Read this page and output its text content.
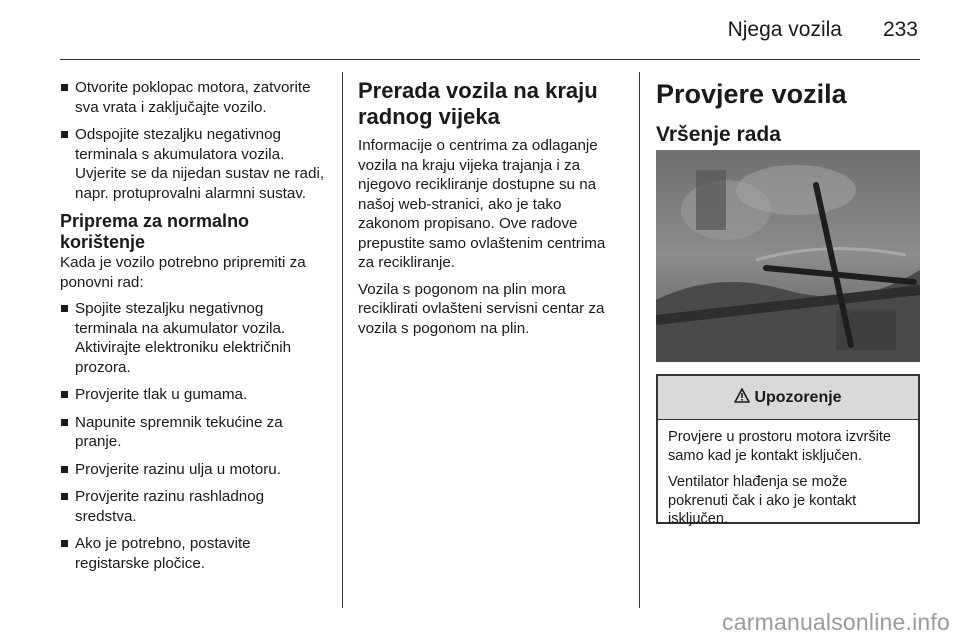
Njega vozila 233
Otvorite poklopac motora, zatvorite sva vrata i zaključajte vozilo.
Odspojite stezaljku negativnog terminala s akumulatora vozila. Uvjerite se da nijedan sustav ne radi, napr. protuprovalni alarmni sustav.
Priprema za normalno korištenje
Kada je vozilo potrebno pripremiti za ponovni rad:
Spojite stezaljku negativnog terminala na akumulator vozila. Aktivirajte elektroniku električnih prozora.
Provjerite tlak u gumama.
Napunite spremnik tekućine za pranje.
Provjerite razinu ulja u motoru.
Provjerite razinu rashladnog sredstva.
Ako je potrebno, postavite registarske pločice.
Prerada vozila na kraju radnog vijeka
Informacije o centrima za odlaganje vozila na kraju vijeka trajanja i za njegovo recikliranje dostupne su na našoj web-stranici, ako je tako zakonom propisano. Ove radove prepustite samo ovlaštenim centrima za recikliranje.
Vozila s pogonom na plin mora reciklirati ovlašteni servisni centar za vozila s pogonom na plin.
Provjere vozila
Vršenje rada
Upozorenje
Provjere u prostoru motora izvršite samo kad je kontakt isključen.
Ventilator hlađenja se može pokrenuti čak i ako je kontakt isključen.
carmanualsonline.info
